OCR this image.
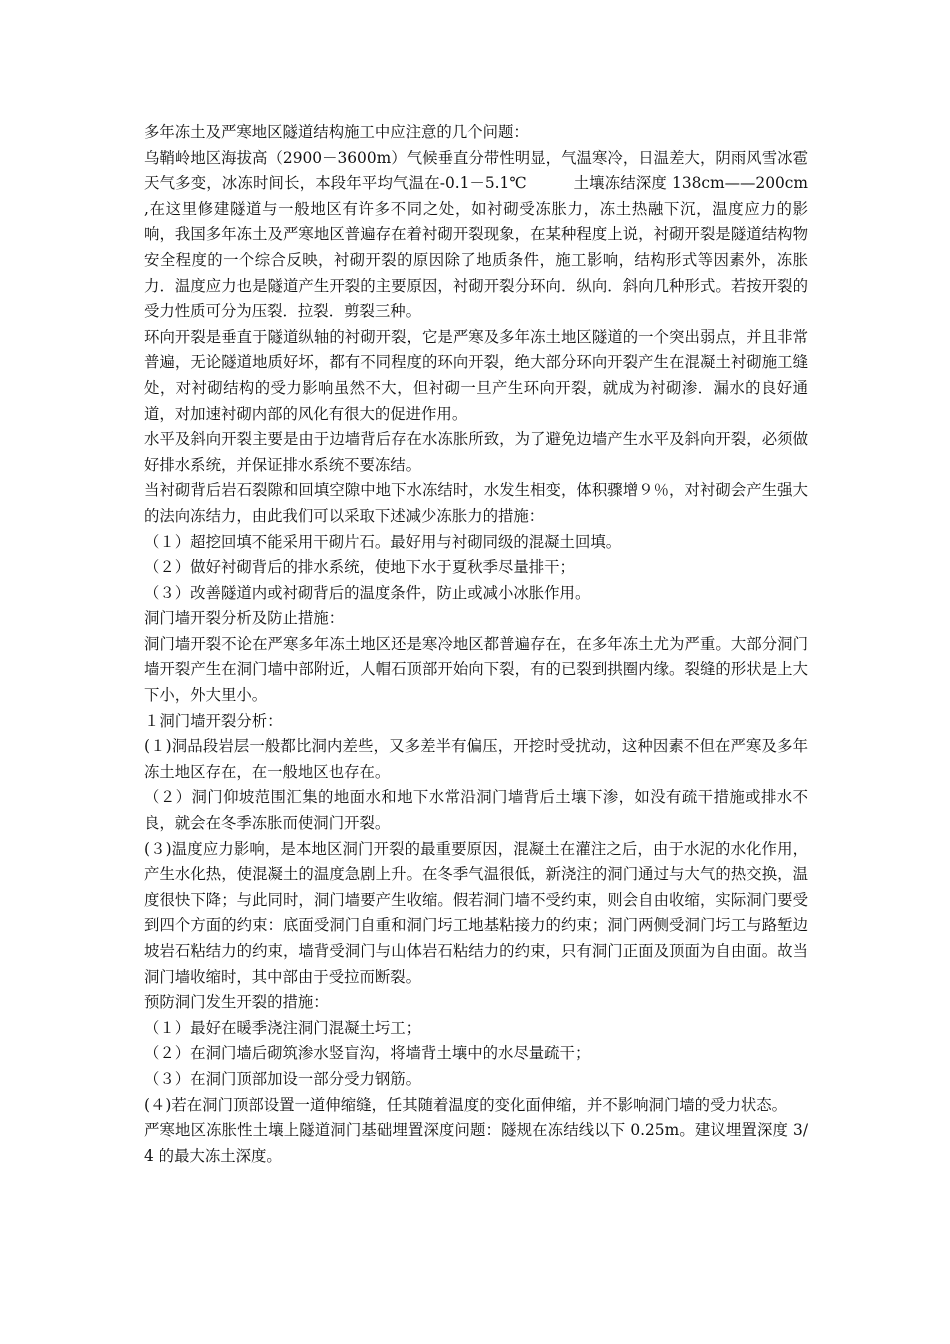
多年冻土及严寒地区隧道结构施工中应注意的几个问题：

乌鞘岭地区海拔高（2900－3600m）气候垂直分带性明显，气温寒冷，日温差大，阴雨风雪冰雹天气多变，冰冻时间长，本段年平均气温在-0.1－5.1℃　　　土壤冻结深度 138cm——200cm ,在这里修建隧道与一般地区有许多不同之处，如衬砌受冻胀力，冻土热融下沉，温度应力的影响，我国多年冻土及严寒地区普遍存在着衬砌开裂现象，在某种程度上说，衬砌开裂是隧道结构物安全程度的一个综合反映，衬砌开裂的原因除了地质条件，施工影响，结构形式等因素外，冻胀力．温度应力也是隧道产生开裂的主要原因，衬砌开裂分环向．纵向．斜向几种形式。若按开裂的受力性质可分为压裂．拉裂．剪裂三种。

环向开裂是垂直于隧道纵轴的衬砌开裂，它是严寒及多年冻土地区隧道的一个突出弱点，并且非常普遍，无论隧道地质好坏，都有不同程度的环向开裂，绝大部分环向开裂产生在混凝土衬砌施工缝处，对衬砌结构的受力影响虽然不大，但衬砌一旦产生环向开裂，就成为衬砌渗．漏水的良好通道，对加速衬砌内部的风化有很大的促进作用。

水平及斜向开裂主要是由于边墙背后存在水冻胀所致，为了避免边墙产生水平及斜向开裂，必须做好排水系统，并保证排水系统不要冻结。

当衬砌背后岩石裂隙和回填空隙中地下水冻结时，水发生相变，体积骤增９％，对衬砌会产生强大的法向冻结力，由此我们可以采取下述减少冻胀力的措施：

（１）超挖回填不能采用干砌片石。最好用与衬砌同级的混凝土回填。

（２）做好衬砌背后的排水系统，使地下水于夏秋季尽量排干；

（３）改善隧道内或衬砌背后的温度条件，防止或减小冰胀作用。

洞门墙开裂分析及防止措施：

洞门墙开裂不论在严寒多年冻土地区还是寒冷地区都普遍存在，在多年冻土尤为严重。大部分洞门墙开裂产生在洞门墙中部附近，人帽石顶部开始向下裂，有的已裂到拱圈内缘。裂缝的形状是上大下小，外大里小。

１洞门墙开裂分析：

(１)洞品段岩层一般都比洞内差些，又多差半有偏压，开挖时受扰动，这种因素不但在严寒及多年冻土地区存在，在一般地区也存在。

（２）洞门仰坡范围汇集的地面水和地下水常沿洞门墙背后土壤下渗，如没有疏干措施或排水不良，就会在冬季冻胀而使洞门开裂。

(３)温度应力影响，是本地区洞门开裂的最重要原因，混凝土在灌注之后，由于水泥的水化作用，产生水化热，使混凝土的温度急剧上升。在冬季气温很低，新浇注的洞门通过与大气的热交换，温度很快下降；与此同时，洞门墙要产生收缩。假若洞门墙不受约束，则会自由收缩，实际洞门要受到四个方面的约束：底面受洞门自重和洞门圬工地基粘接力的约束；洞门两侧受洞门圬工与路堑边坡岩石粘结力的约束，墙背受洞门与山体岩石粘结力的约束，只有洞门正面及顶面为自由面。故当洞门墙收缩时，其中部由于受拉而断裂。

预防洞门发生开裂的措施：

（１）最好在暖季浇注洞门混凝土圬工；

（２）在洞门墙后砌筑渗水竖盲沟，将墙背土壤中的水尽量疏干；

（３）在洞门顶部加设一部分受力钢筋。

(４)若在洞门顶部设置一道伸缩缝，任其随着温度的变化面伸缩，并不影响洞门墙的受力状态。

严寒地区冻胀性土壤上隧道洞门基础埋置深度问题：隧规在冻结线以下 0.25m。建议埋置深度 3/4 的最大冻土深度。
